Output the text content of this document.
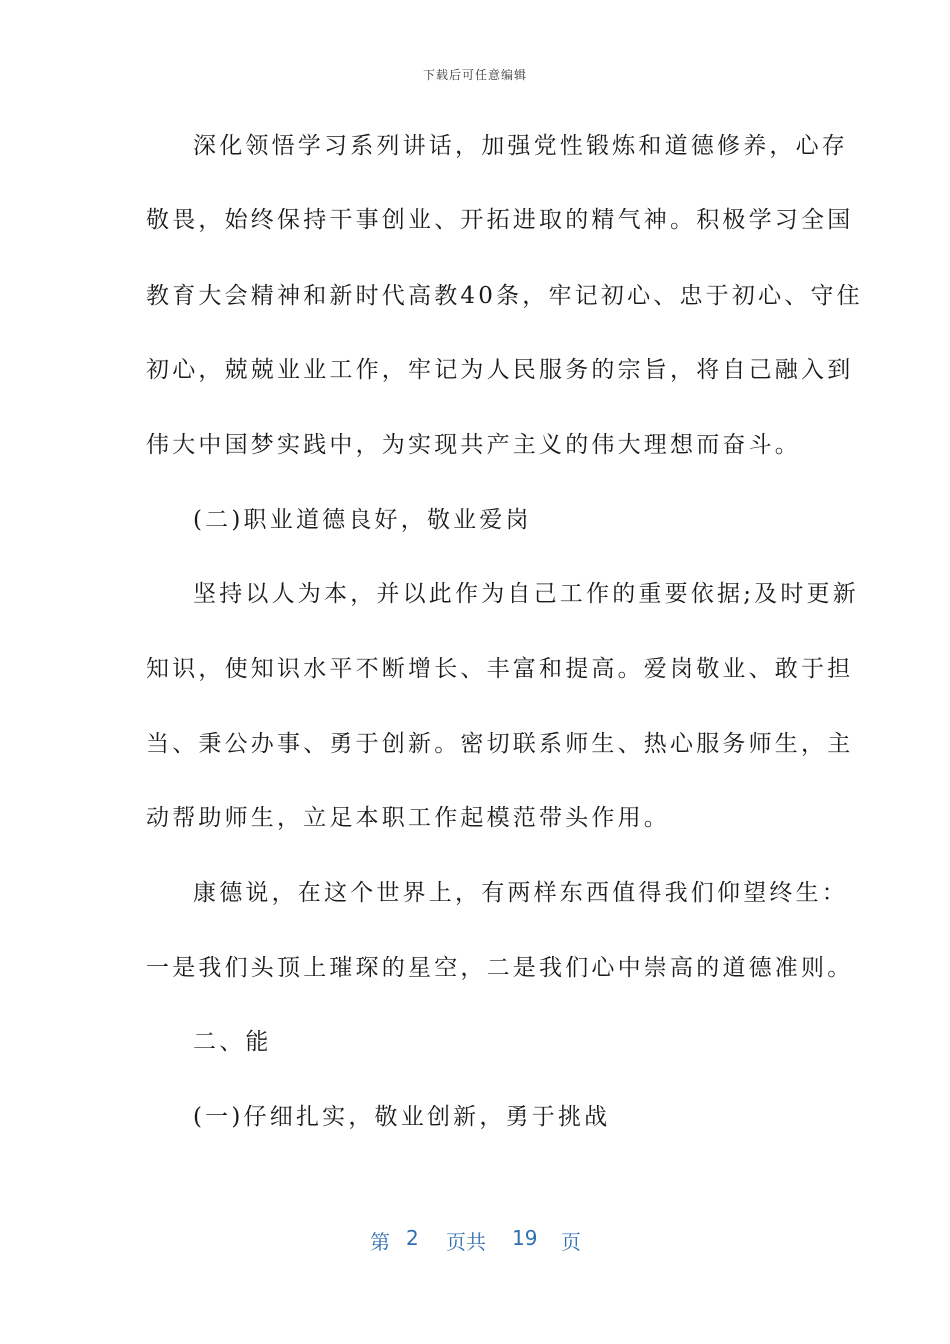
下载后可任意编辑
深化领悟学习系列讲话，加强党性锻炼和道德修养，心存
敬畏，始终保持干事创业、开拓进取的精气神。积极学习全国
教育大会精神和新时代高教40条，牢记初心、忠于初心、守住
初心，兢兢业业工作，牢记为人民服务的宗旨，将自己融入到
伟大中国梦实践中，为实现共产主义的伟大理想而奋斗。
(二)职业道德良好，敬业爱岗
坚持以人为本，并以此作为自己工作的重要依据;及时更新
知识，使知识水平不断增长、丰富和提高。爱岗敬业、敢于担
当、秉公办事、勇于创新。密切联系师生、热心服务师生，主
动帮助师生，立足本职工作起模范带头作用。
康德说，在这个世界上，有两样东西值得我们仰望终生：
一是我们头顶上璀琛的星空，二是我们心中崇高的道德准则。
二、能
(一)仔细扎实，敬业创新，勇于挑战
第 2 页共 19 页
